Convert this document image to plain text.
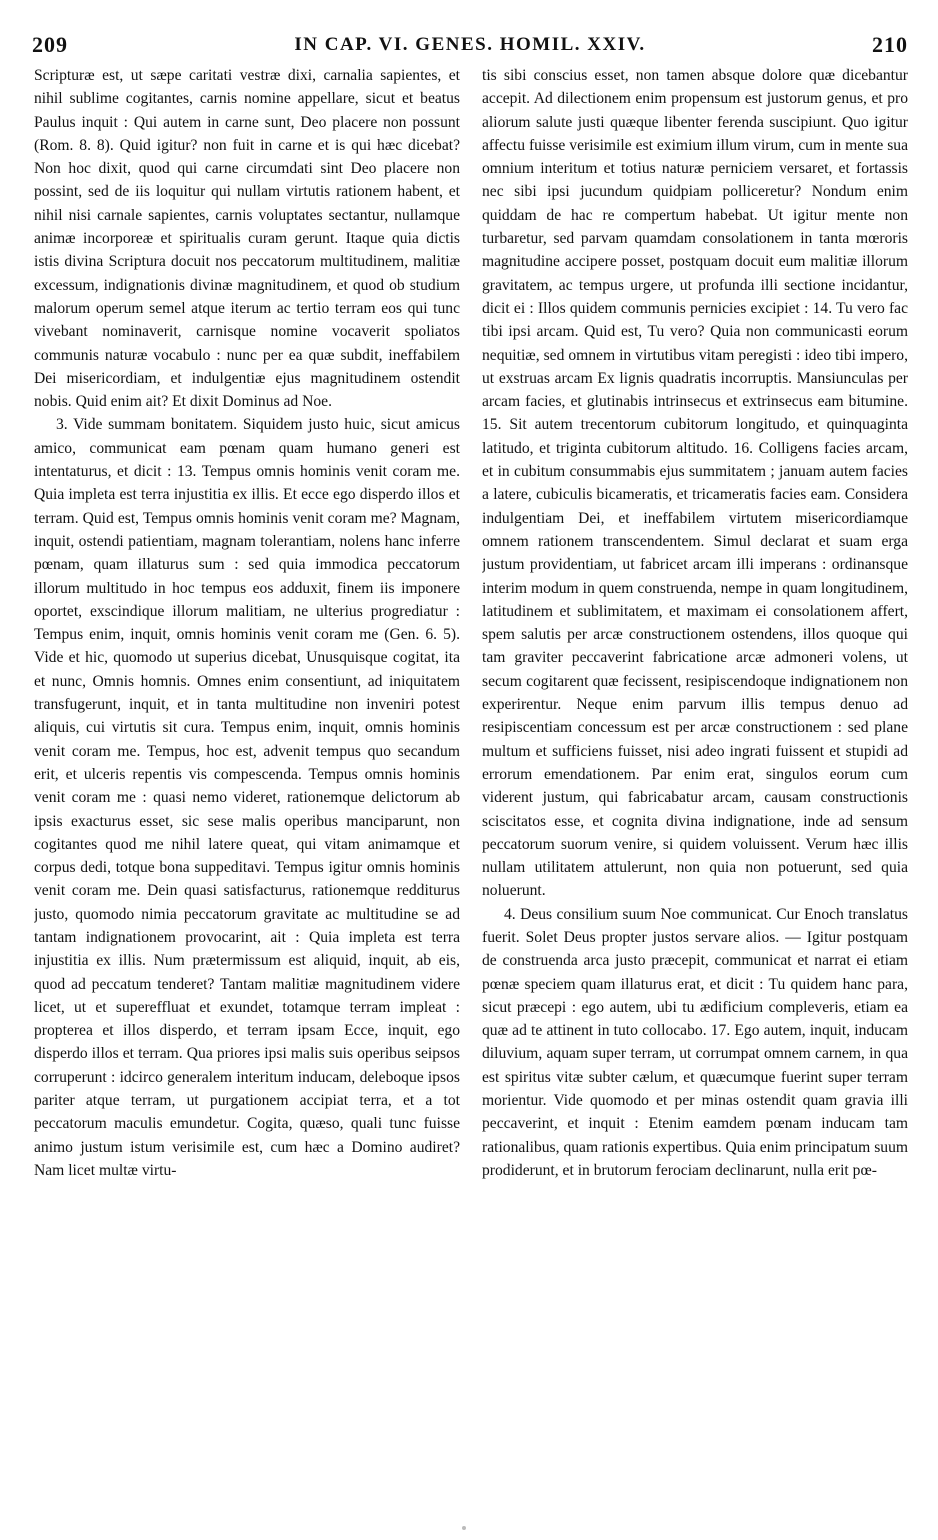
209	IN CAP. VI. GENES. HOMIL. XXIV.	210

Scripturæ est, ut sæpe caritati vestræ dixi, carnalia sapientes, et nihil sublime cogitantes, carnis nomine appellare, sicut et beatus Paulus inquit : Qui autem in carne sunt, Deo placere non possunt (Rom. 8. 8). Quid igitur? non fuit in carne et is qui hæc dicebat? Non hoc dixit, quod qui carne circumdati sint Deo placere non possint, sed de iis loquitur qui nullam virtutis rationem habent, et nihil nisi carnale sapientes, carnis voluptates sectantur, nullamque animæ incorporeæ et spiritualis curam gerunt. Itaque quia dictis istis divina Scriptura docuit nos peccatorum multitudinem, malitiæ excessum, indignationis divinæ magnitudinem, et quod ob studium malorum operum semel atque iterum ac tertio terram eos qui tunc vivebant nominaverit, carnisque nomine vocaverit spoliatos communis naturæ vocabulo : nunc per ea quæ subdit, ineffabilem Dei misericordiam, et indulgentiæ ejus magnitudinem ostendit nobis. Quid enim ait? Et dixit Dominus ad Noe.

3. Vide summam bonitatem. Siquidem justo huic, sicut amicus amico, communicat eam pœnam quam humano generi est intentaturus, et dicit : 13. Tempus omnis hominis venit coram me. Quia impleta est terra injustitia ex illis. Et ecce ego disperdo illos et terram. Quid est, Tempus omnis hominis venit coram me? Magnam, inquit, ostendi patientiam, magnam tolerantiam, nolens hanc inferre pœnam, quam illaturus sum : sed quia immodica peccatorum illorum multitudo in hoc tempus eos adduxit, finem iis imponere oportet, exscindique illorum malitiam, ne ulterius progrediatur : Tempus enim, inquit, omnis hominis venit coram me (Gen. 6. 5). Vide et hic, quomodo ut superius dicebat, Unusquisque cogitat, ita et nunc, Omnis homnis. Omnes enim consentiunt, ad iniquitatem transfugerunt, inquit, et in tanta multitudine non inveniri potest aliquis, cui virtutis sit cura. Tempus enim, inquit, omnis hominis venit coram me. Tempus, hoc est, advenit tempus quo secandum erit, et ulceris repentis vis compescenda. Tempus omnis hominis venit coram me : quasi nemo videret, rationemque delictorum ab ipsis exacturus esset, sic sese malis operibus manciparunt, non cogitantes quod me nihil latere queat, qui vitam animamque et corpus dedi, totque bona suppeditavi. Tempus igitur omnis hominis venit coram me. Dein quasi satisfacturus, rationemque redditurus justo, quomodo nimia peccatorum gravitate ac multitudine se ad tantam indignationem provocarint, ait : Quia impleta est terra injustitia ex illis. Num prætermissum est aliquid, inquit, ab eis, quod ad peccatum tenderet? Tantam malitiæ magnitudinem videre licet, ut et supereffluat et exundet, totamque terram impleat : propterea et illos disperdo, et terram ipsam Ecce, inquit, ego disperdo illos et terram. Qua priores ipsi malis suis operibus seipsos corruperunt : idcirco generalem interitum inducam, deleboque ipsos pariter atque terram, ut purgationem accipiat terra, et a tot peccatorum maculis emundetur. Cogita, quæso, quali tunc fuisse animo justum istum verisimile est, cum hæc a Domino audiret? Nam licet multæ virtu-

tis sibi conscius esset, non tamen absque dolore quæ dicebantur accepit. Ad dilectionem enim propensum est justorum genus, et pro aliorum salute justi quæque libenter ferenda suscipiunt. Quo igitur affectu fuisse verisimile est eximium illum virum, cum in mente sua omnium interitum et totius naturæ perniciem versaret, et fortassis nec sibi ipsi jucundum quidpiam polliceretur? Nondum enim quiddam de hac re compertum habebat. Ut igitur mente non turbaretur, sed parvam quamdam consolationem in tanta mœroris magnitudine accipere posset, postquam docuit eum malitiæ illorum gravitatem, ac tempus urgere, ut profunda illi sectione incidantur, dicit ei : Illos quidem communis pernicies excipiet : 14. Tu vero fac tibi ipsi arcam. Quid est, Tu vero? Quia non communicasti eorum nequitiæ, sed omnem in virtutibus vitam peregisti : ideo tibi impero, ut exstruas arcam Ex lignis quadratis incorruptis. Mansiunculas per arcam facies, et glutinabis intrinsecus et extrinsecus eam bitumine. 15. Sit autem trecentorum cubitorum longitudo, et quinquaginta latitudo, et triginta cubitorum altitudo. 16. Colligens facies arcam, et in cubitum consummabis ejus summitatem ; januam autem facies a latere, cubiculis bicameratis, et tricameratis facies eam. Considera indulgentiam Dei, et ineffabilem virtutem misericordiamque omnem rationem transcendentem. Simul declarat et suam erga justum providentiam, ut fabricet arcam illi imperans : ordinansque interim modum in quem construenda, nempe in quam longitudinem, latitudinem et sublimitatem, et maximam ei consolationem affert, spem salutis per arcæ constructionem ostendens, illos quoque qui tam graviter peccaverint fabricatione arcæ admoneri volens, ut secum cogitarent quæ fecissent, resipiscendoque indignationem non experirentur. Neque enim parvum illis tempus denuo ad resipiscentiam concessum est per arcæ constructionem : sed plane multum et sufficiens fuisset, nisi adeo ingrati fuissent et stupidi ad errorum emendationem. Par enim erat, singulos eorum cum viderent justum, qui fabricabatur arcam, causam constructionis sciscitatos esse, et cognita divina indignatione, inde ad sensum peccatorum suorum venire, si quidem voluissent. Verum hæc illis nullam utilitatem attulerunt, non quia non potuerunt, sed quia noluerunt.

4. Deus consilium suum Noe communicat. Cur Enoch translatus fuerit. Solet Deus propter justos servare alios. — Igitur postquam de construenda arca justo præcepit, communicat et narrat ei etiam pœnæ speciem quam illaturus erat, et dicit : Tu quidem hanc para, sicut præcepi : ego autem, ubi tu ædificium compleveris, etiam ea quæ ad te attinent in tuto collocabo. 17. Ego autem, inquit, inducam diluvium, aquam super terram, ut corrumpat omnem carnem, in qua est spiritus vitæ subter cælum, et quæcumque fuerint super terram morientur. Vide quomodo et per minas ostendit quam gravia illi peccaverint, et inquit : Etenim eamdem pœnam inducam tam rationalibus, quam rationis expertibus. Quia enim principatum suum prodiderunt, et in brutorum ferociam declinarunt, nulla erit pœ-
